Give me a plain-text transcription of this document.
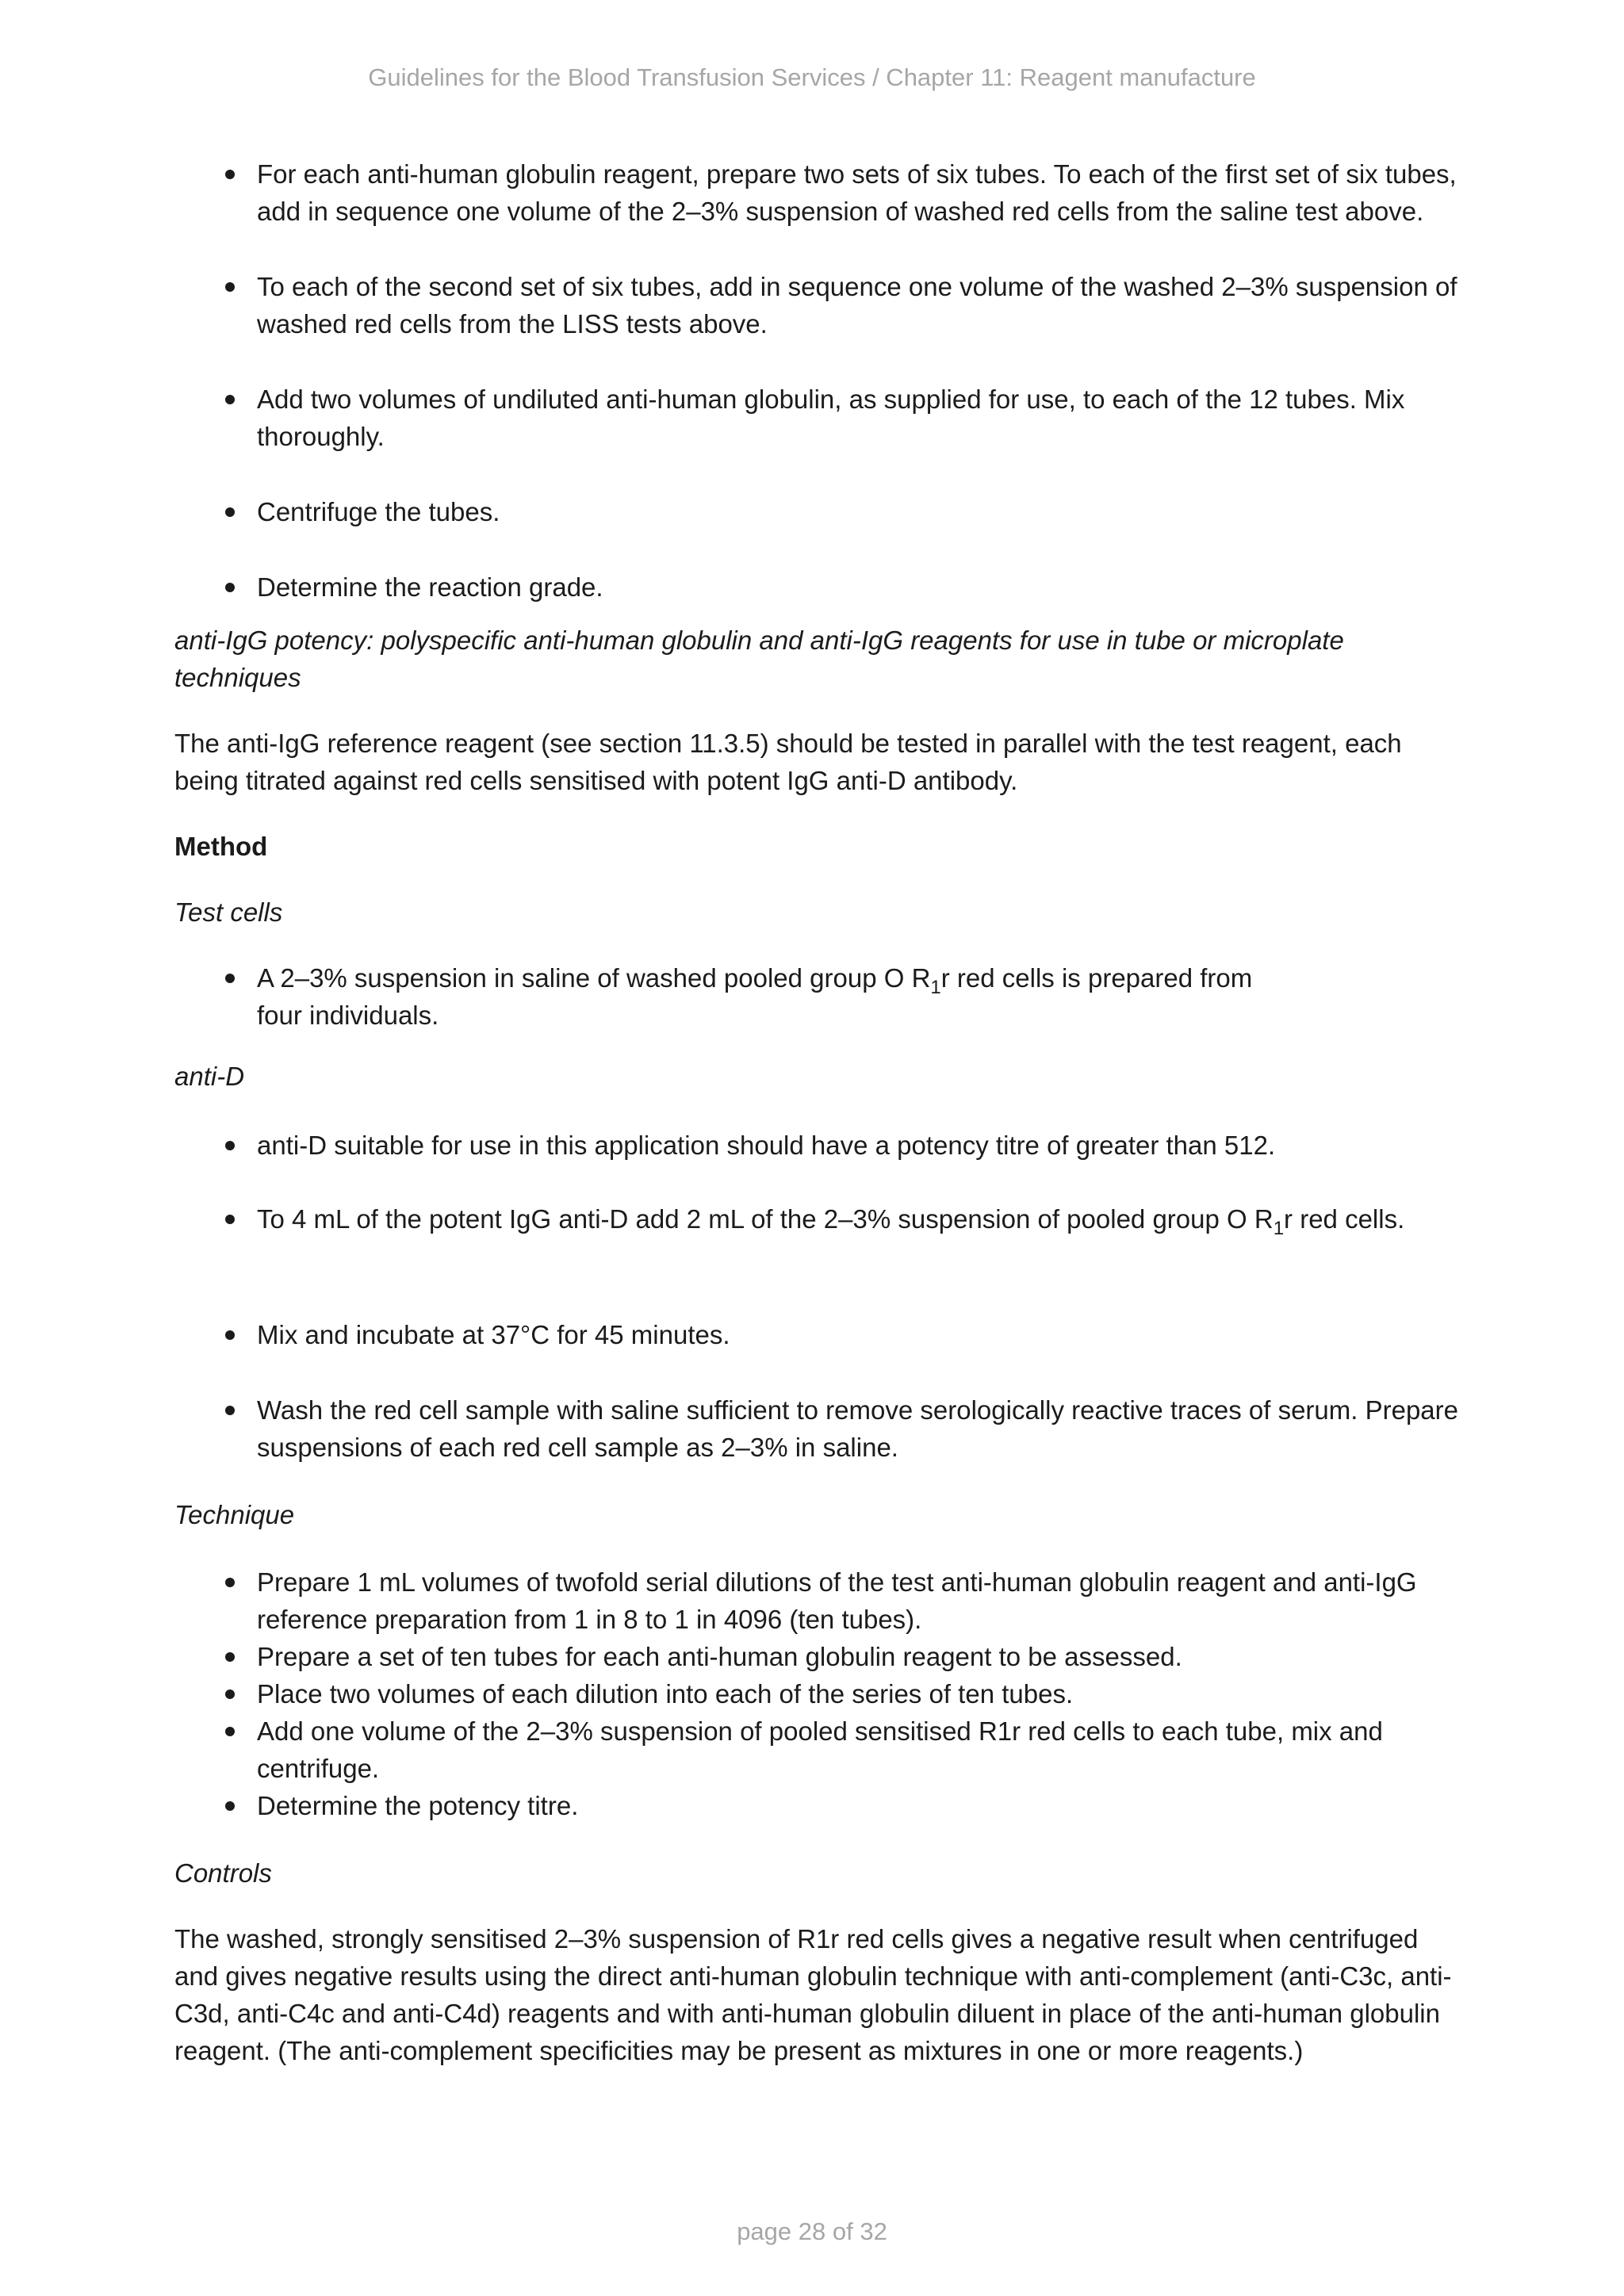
Guidelines for the Blood Transfusion Services / Chapter 11: Reagent manufacture
For each anti-human globulin reagent, prepare two sets of six tubes. To each of the first set of six tubes, add in sequence one volume of the 2–3% suspension of washed red cells from the saline test above.
To each of the second set of six tubes, add in sequence one volume of the washed 2–3% suspension of washed red cells from the LISS tests above.
Add two volumes of undiluted anti-human globulin, as supplied for use, to each of the 12 tubes. Mix thoroughly.
Centrifuge the tubes.
Determine the reaction grade.

anti-IgG potency: polyspecific anti-human globulin and anti-IgG reagents for use in tube or microplate techniques

The anti-IgG reference reagent (see section 11.3.5) should be tested in parallel with the test reagent, each being titrated against red cells sensitised with potent IgG anti-D antibody.

Method

Test cells

A 2–3% suspension in saline of washed pooled group O $R_1r$ red cells is prepared from
four individuals.

anti-D

anti-D suitable for use in this application should have a potency titre of greater than 512.
To 4 mL of the potent IgG anti-D add 2 mL of the 2–3% suspension of pooled group O $R_1r$ red cells.
Mix and incubate at 37°C for 45 minutes.
Wash the red cell sample with saline sufficient to remove serologically reactive traces of serum. Prepare suspensions of each red cell sample as 2–3% in saline.

Technique

Prepare 1 mL volumes of twofold serial dilutions of the test anti-human globulin reagent and anti-IgG reference preparation from 1 in 8 to 1 in 4096 (ten tubes).
Prepare a set of ten tubes for each anti-human globulin reagent to be assessed.
Place two volumes of each dilution into each of the series of ten tubes.
Add one volume of the 2–3% suspension of pooled sensitised R1r red cells to each tube, mix and centrifuge.
Determine the potency titre.

Controls

The washed, strongly sensitised 2–3% suspension of R1r red cells gives a negative result when centrifuged and gives negative results using the direct anti-human globulin technique with anti-complement (anti-C3c, anti-C3d, anti-C4c and anti-C4d) reagents and with anti-human globulin diluent in place of the anti-human globulin reagent. (The anti-complement specificities may be present as mixtures in one or more reagents.)

page 28 of 32
